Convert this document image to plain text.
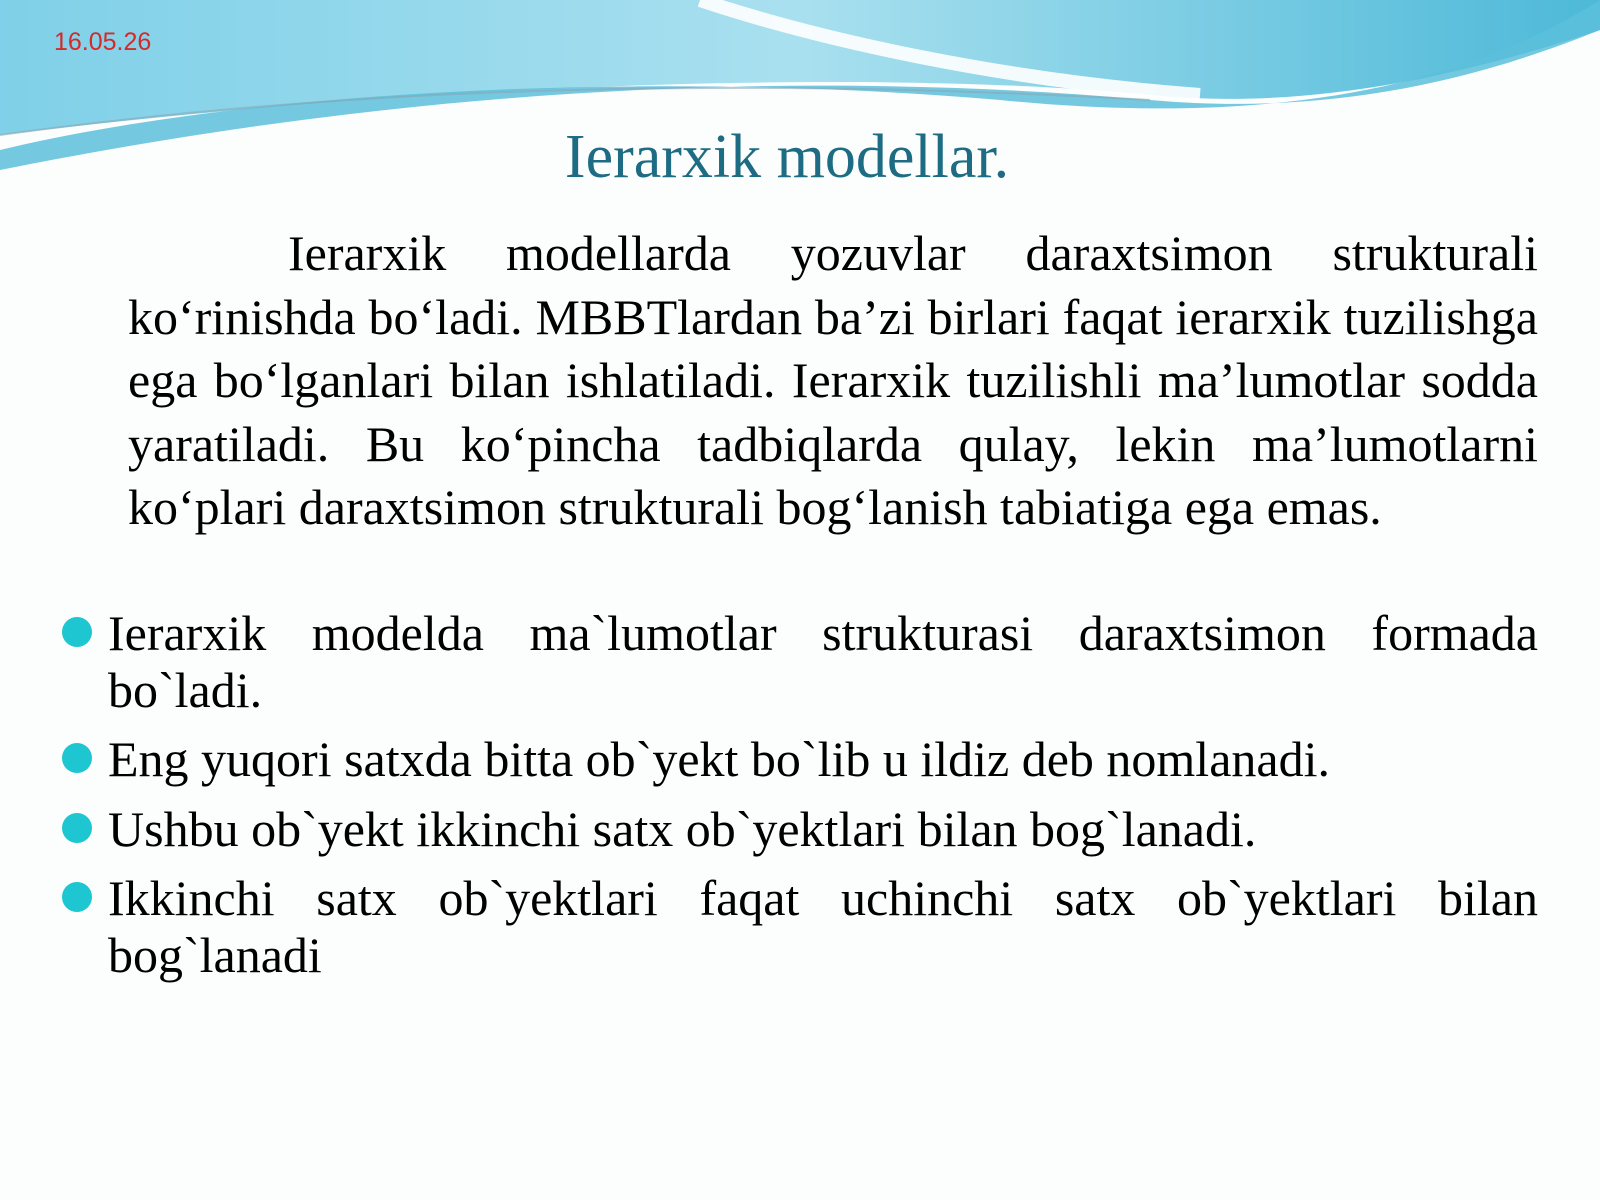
16.05.26
Ierarxik modellar.

Ierarxik modellarda yozuvlar daraxtsimon strukturali ko‘rinishda bo‘ladi. MBBTlardan ba’zi birlari faqat ierarxik tuzilishga ega bo‘lganlari bilan ishlatiladi. Ierarxik tuzilishli ma’lumotlar sodda yaratiladi. Bu ko‘pincha tadbiqlarda qulay, lekin ma’lumotlarni ko‘plari daraxtsimon strukturali bog‘lanish tabiatiga ega emas.

Ierarxik modelda ma`lumotlar strukturasi daraxtsimon formada bo`ladi.
Eng yuqori satxda bitta ob`yekt bo`lib u ildiz deb nomlanadi.
Ushbu ob`yekt ikkinchi satx ob`yektlari bilan bog`lanadi.
Ikkinchi satx ob`yektlari faqat uchinchi satx ob`yektlari bilan bog`lanadi
